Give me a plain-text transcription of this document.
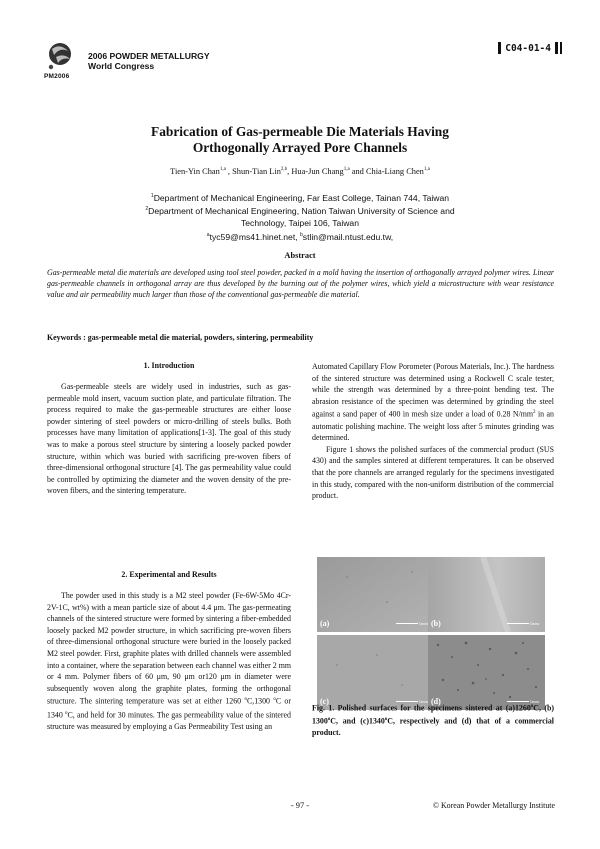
PM2006
2006 POWDER METALLURGY
World Congress
C04-01-4
Fabrication of Gas-permeable Die Materials Having
Orthogonally Arrayed Pore Channels
Tien-Yin Chan$^{1,a}$ , Shun-Tian Lin$^{2,b}$, Hua-Jun Chang$^{1,a}$ and Chia-Liang Chen$^{1,a}$
$^1$Department of Mechanical Engineering, Far East College, Tainan 744, Taiwan
$^2$Department of Mechanical Engineering, Nation Taiwan University of Science and
Technology, Taipei 106, Taiwan
$^a$tyc59@ms41.hinet.net, $^b$stlin@mail.ntust.edu.tw,
Abstract
Gas-permeable metal die materials are developed using tool steel powder, packed in a mold having the insertion of orthogonally arrayed polymer wires. Linear gas-permeable channels in orthogonal array are thus developed by the burning out of the polymer wires, which yield a microstructure with wear resistance value and air permeability much larger than those of the conventional gas-permeable die material.
Keywords : gas-permeable metal die material, powders, sintering, permeability
1. Introduction

Gas-permeable steels are widely used in industries, such as gas-permeable mold insert, vacuum suction plate, and particulate filtration. The process required to make the gas-permeable structures are either loose powder sintering of steel powders or micro-drilling of steels bulks. Both processes have many limitation of applications[1-3]. The goal of this study was to make a porous steel structure by sintering a loosely packed powder structure, within which was buried with sacrificing pre-woven fibers of three-dimensional orthogonal structure [4]. The gas permeability value could be controlled by optimizing the diameter and the woven density of the pre-woven fibers, and the sintering temperature.

2. Experimental and Results

The powder used in this study is a M2 steel powder (Fe-6W-5Mo 4Cr-2V-1C, wt%) with a mean particle size of about 4.4 μm. The gas-permeating channels of the sintered structure were formed by sintering a fiber-embedded loosely packed M2 powder structure, in which sacrificing pre-woven fibers of three-dimensional orthogonal structure were buried in the loosely packed M2 steel powder. First, graphite plates with drilled channels were assembled into a container, where the separation between each channel was either 2 mm or 4 mm. Polymer fibers of 60 μm, 90 μm or120 μm in diameter were subsequently woven along the graphite plates, forming the orthogonal structure. The sintering temperature was set at either 1260 $^o$C,1300 $^o$C or 1340 $^o$C, and held for 30 minutes. The gas permeability value of the sintered structure was measured by employing a Gas Permeability Test using an

Automated Capillary Flow Porometer (Porous Materials, Inc.). The hardness of the sintered structure was determined using a Rockwell C scale tester, while the strength was determined by a three-point bending test. The abrasion resistance of the specimen was determined by grinding the steel against a sand paper of 400 in mesh size under a load of 0.28 $N/mm^2$ in an automatic polishing machine. The weight loss after 5 minutes grinding was determined.

Figure 1 shows the polished surfaces of the commercial product (SUS 430) and the samples sintered at different temperatures. It can be observed that the pore channels are arranged regularly for the specimens investigated in this study, compared with the non-uniform distribution of the commercial product.

(a)	1mm (b)	1mm
(c)	1mm (d)	1mm
Fig. 1. Polished surfaces for the specimens sintered at (a)1260$^o$C, (b) 1300$^o$C, and (c)1340$^o$C, respectively and (d) that of a commercial product.
- 97 -	© Korean Powder Metallurgy Institute
